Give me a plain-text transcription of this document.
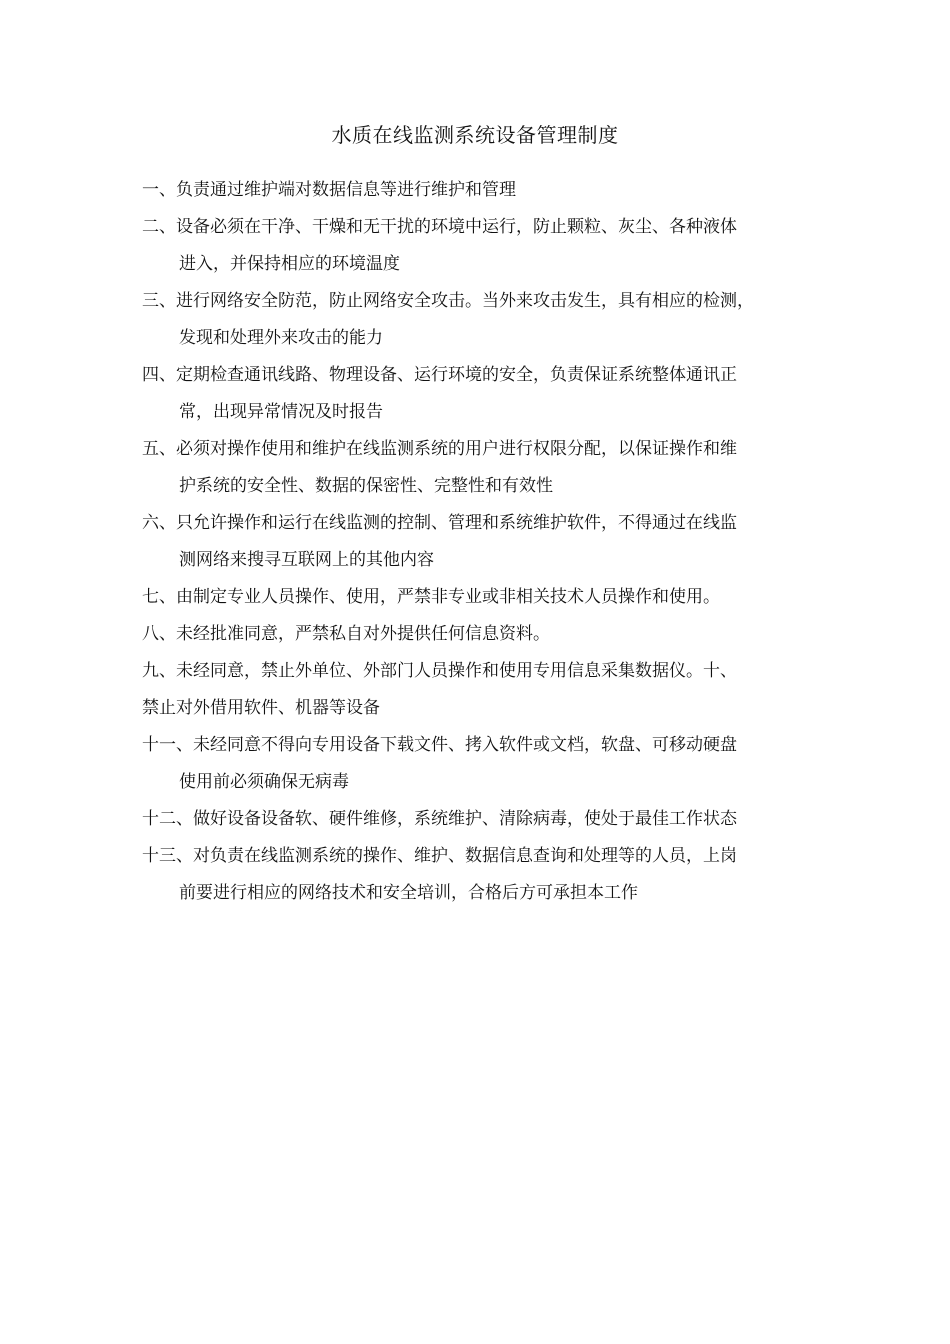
水质在线监测系统设备管理制度
一、负责通过维护端对数据信息等进行维护和管理
二、设备必须在干净、干燥和无干扰的环境中运行，防止颗粒、灰尘、各种液体
进入，并保持相应的环境温度
三、进行网络安全防范，防止网络安全攻击。当外来攻击发生，具有相应的检测，
发现和处理外来攻击的能力
四、定期检查通讯线路、物理设备、运行环境的安全，负责保证系统整体通讯正
常，出现异常情况及时报告
五、必须对操作使用和维护在线监测系统的用户进行权限分配，以保证操作和维
护系统的安全性、数据的保密性、完整性和有效性
六、只允许操作和运行在线监测的控制、管理和系统维护软件，不得通过在线监
测网络来搜寻互联网上的其他内容
七、由制定专业人员操作、使用，严禁非专业或非相关技术人员操作和使用。
八、未经批准同意，严禁私自对外提供任何信息资料。
九、未经同意，禁止外单位、外部门人员操作和使用专用信息采集数据仪。十、
禁止对外借用软件、机器等设备
十一、未经同意不得向专用设备下载文件、拷入软件或文档，软盘、可移动硬盘
使用前必须确保无病毒
十二、做好设备设备软、硬件维修，系统维护、清除病毒，使处于最佳工作状态
十三、对负责在线监测系统的操作、维护、数据信息查询和处理等的人员，上岗
前要进行相应的网络技术和安全培训，合格后方可承担本工作
